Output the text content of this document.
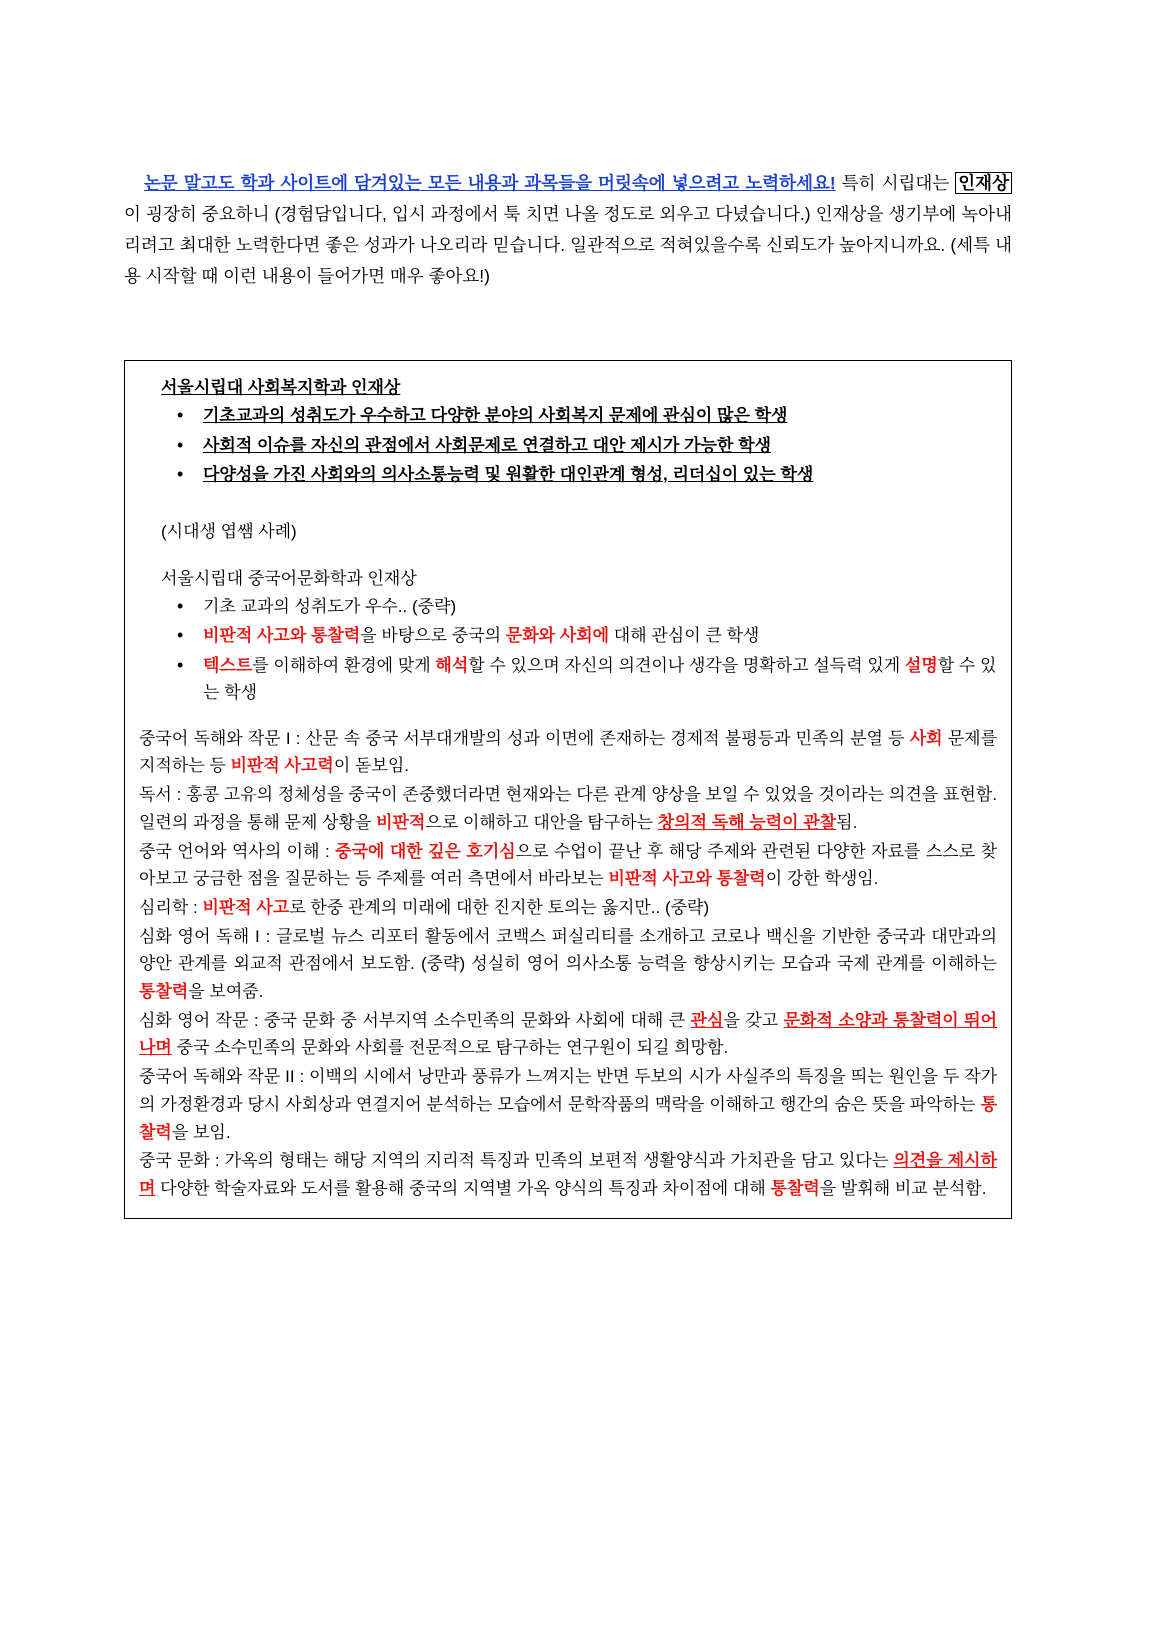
논문 말고도 학과 사이트에 담겨있는 모든 내용과 과목들을 머릿속에 넣으려고 노력하세요! 특히 시립대는 인재상이 굉장히 중요하니 (경험담입니다, 입시 과정에서 툭 치면 나올 정도로 외우고 다녔습니다.) 인재상을 생기부에 녹아내리려고 최대한 노력한다면 좋은 성과가 나오리라 믿습니다. 일관적으로 적혀있을수록 신뢰도가 높아지니까요. (세특 내용 시작할 때 이런 내용이 들어가면 매우 좋아요!)

서울시립대 사회복지학과 인재상
• 기초교과의 성취도가 우수하고 다양한 분야의 사회복지 문제에 관심이 많은 학생
• 사회적 이슈를 자신의 관점에서 사회문제로 연결하고 대안 제시가 가능한 학생
• 다양성을 가진 사회와의 의사소통능력 및 원활한 대인관계 형성, 리더십이 있는 학생
(시대생 엽쌤 사례)
서울시립대 중국어문화학과 인재상
• 기초 교과의 성취도가 우수.. (중략)
• 비판적 사고와 통찰력을 바탕으로 중국의 문화와 사회에 대해 관심이 큰 학생
• 텍스트를 이해하여 환경에 맞게 해석할 수 있으며 자신의 의견이나 생각을 명확하고 설득력 있게 설명할 수 있는 학생
중국어 독해와 작문 I : 산문 속 중국 서부대개발의 성과 이면에 존재하는 경제적 불평등과 민족의 분열 등 사회 문제를 지적하는 등 비판적 사고력이 돋보임.
독서 : 홍콩 고유의 정체성을 중국이 존중했더라면 현재와는 다른 관계 양상을 보일 수 있었을 것이라는 의견을 표현함. 일련의 과정을 통해 문제 상황을 비판적으로 이해하고 대안을 탐구하는 창의적 독해 능력이 관찰됨.
중국 언어와 역사의 이해 : 중국에 대한 깊은 호기심으로 수업이 끝난 후 해당 주제와 관련된 다양한 자료를 스스로 찾아보고 궁금한 점을 질문하는 등 주제를 여러 측면에서 바라보는 비판적 사고와 통찰력이 강한 학생임.
심리학 : 비판적 사고로 한중 관계의 미래에 대한 진지한 토의는 옳지만.. (중략)
심화 영어 독해 I : 글로벌 뉴스 리포터 활동에서 코백스 퍼실리티를 소개하고 코로나 백신을 기반한 중국과 대만과의 양안 관계를 외교적 관점에서 보도함. (중략) 성실히 영어 의사소통 능력을 향상시키는 모습과 국제 관계를 이해하는 통찰력을 보여줌.
심화 영어 작문 : 중국 문화 중 서부지역 소수민족의 문화와 사회에 대해 큰 관심을 갖고 문화적 소양과 통찰력이 뛰어나며 중국 소수민족의 문화와 사회를 전문적으로 탐구하는 연구원이 되길 희망함.
중국어 독해와 작문 II : 이백의 시에서 낭만과 풍류가 느껴지는 반면 두보의 시가 사실주의 특징을 띄는 원인을 두 작가의 가정환경과 당시 사회상과 연결지어 분석하는 모습에서 문학작품의 맥락을 이해하고 행간의 숨은 뜻을 파악하는 통찰력을 보임.
중국 문화 : 가옥의 형태는 해당 지역의 지리적 특징과 민족의 보편적 생활양식과 가치관을 담고 있다는 의견을 제시하며 다양한 학술자료와 도서를 활용해 중국의 지역별 가옥 양식의 특징과 차이점에 대해 통찰력을 발휘해 비교 분석함.
